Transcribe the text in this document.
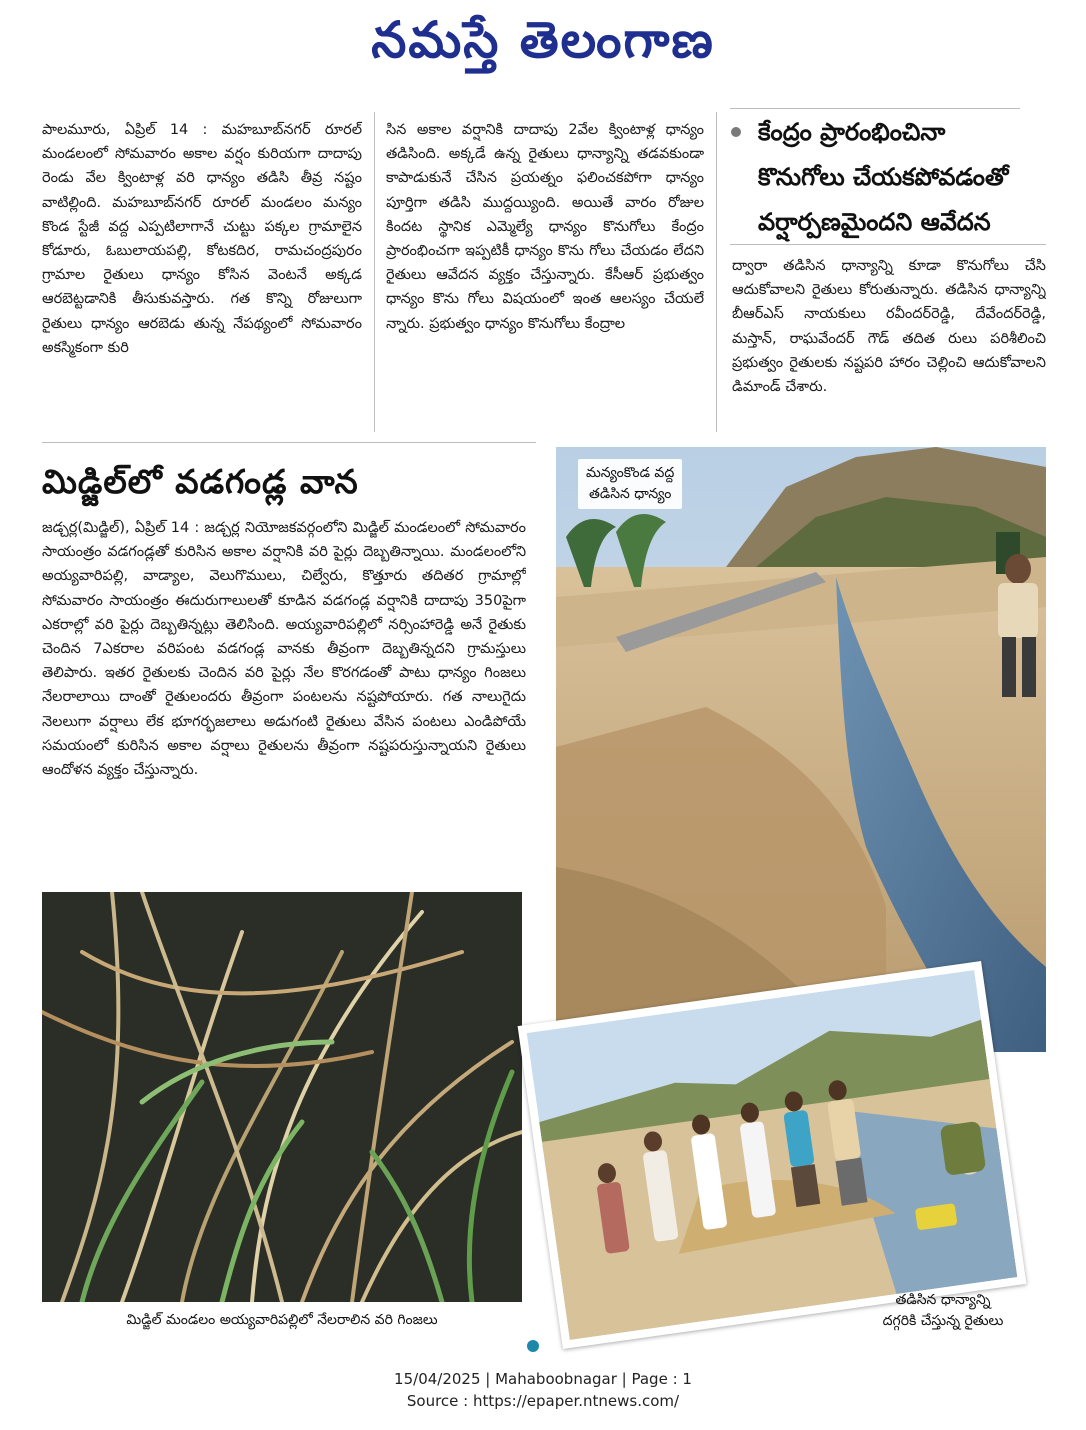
నమస్తే తెలంగాణ
పాలమూరు, ఏప్రిల్ 14 : మహబూబ్‌నగర్ రూరల్ మండలంలో సోమవారం అకాల వర్షం కురియగా దాదాపు రెండు వేల క్వింటాళ్ల వరి ధాన్యం తడిసి తీవ్ర నష్టం వాటిల్లింది. మహబూబ్‌నగర్ రూరల్ మండలం మన్యం కొండ స్టేజీ వద్ద ఎప్పటిలాగానే చుట్టు పక్కల గ్రామాలైన కోడూరు, ఓబులాయపల్లి, కోటకదిర, రామచంద్రపురం గ్రామాల రైతులు ధాన్యం కోసిన వెంటనే అక్కడ ఆరబెట్టడానికి తీసుకువస్తారు. గత కొన్ని రోజులుగా రైతులు ధాన్యం ఆరబెడు తున్న నేపథ్యంలో సోమవారం అకస్మికంగా కురి
సిన అకాల వర్షానికి దాదాపు 2వేల క్వింటాళ్ల ధాన్యం తడిసింది. అక్కడే ఉన్న రైతులు ధాన్యాన్ని తడవకుండా కాపాడుకునే చేసిన ప్రయత్నం ఫలించకపోగా ధాన్యం పూర్తిగా తడిసి ముద్దయ్యింది. అయితే వారం రోజుల కిందట స్థానిక ఎమ్మెల్యే ధాన్యం కొనుగోలు కేంద్రం ప్రారంభించగా ఇప్పటికీ ధాన్యం కొను గోలు చేయడం లేదని రైతులు ఆవేదన వ్యక్తం చేస్తున్నారు. కేసీఆర్ ప్రభుత్వం ధాన్యం కొను గోలు విషయంలో ఇంత ఆలస్యం చేయలే న్నారు. ప్రభుత్వం ధాన్యం కొనుగోలు కేంద్రాల
కేంద్రం ప్రారంభించినా
కొనుగోలు చేయకపోవడంతో
వర్షార్పణమైందని ఆవేదన
ద్వారా తడిసిన ధాన్యాన్ని కూడా కొనుగోలు చేసి ఆదుకోవాలని రైతులు కోరుతున్నారు. తడిసిన ధాన్యాన్ని బీఆర్‌ఎస్ నాయకులు రవీందర్‌రెడ్డి, దేవేందర్‌రెడ్డి, మస్తాన్, రాఘవేందర్ గౌడ్ తదిత రులు పరిశీలించి ప్రభుత్వం రైతులకు నష్టపరి హారం చెల్లించి ఆదుకోవాలని డిమాండ్ చేశారు.
మిడ్జిల్‌లో వడగండ్ల వాన
జడ్చర్ల(మిడ్జిల్), ఏప్రిల్ 14 : జడ్చర్ల నియోజకవర్గంలోని మిడ్జిల్ మండలంలో సోమవారం సాయంత్రం వడగండ్లతో కురిసిన అకాల వర్షానికి వరి పైర్లు దెబ్బతిన్నాయి. మండలంలోని అయ్యవారిపల్లి, వాడ్యాల, వెలుగొములు, చిల్వేరు, కొత్తూరు తదితర గ్రామాల్లో సోమవారం సాయంత్రం ఈదురుగాలులతో కూడిన వడగండ్ల వర్షానికి దాదాపు 350పైగా ఎకరాల్లో వరి పైర్లు దెబ్బతిన్నట్లు తెలిసింది. అయ్యవారిపల్లిలో నర్సింహారెడ్డి అనే రైతుకు చెందిన 7ఎకరాల వరిపంట వడగండ్ల వానకు తీవ్రంగా దెబ్బతిన్నదని గ్రామస్తులు తెలిపారు. ఇతర రైతులకు చెందిన వరి పైర్లు నేల కొరగడంతో పాటు ధాన్యం గింజలు నేలరాలాయి దాంతో రైతులందరు తీవ్రంగా పంటలను నష్టపోయారు. గత నాలుగైదు నెలలుగా వర్షాలు లేక భూగర్భజలాలు అడుగంటి రైతులు వేసిన పంటలు ఎండిపోయే సమయంలో కురిసిన అకాల వర్షాలు రైతులను తీవ్రంగా నష్టపరుస్తున్నాయని రైతులు ఆందోళన వ్యక్తం చేస్తున్నారు.
మన్యంకొండ వద్ద
తడిసిన ధాన్యం
మిడ్జిల్ మండలం అయ్యవారిపల్లిలో నేలరాలిన వరి గింజలు
తడిసిన ధాన్యాన్ని
దగ్గరికి చేస్తున్న రైతులు
15/04/2025 | Mahaboobnagar | Page : 1
Source : https://epaper.ntnews.com/
